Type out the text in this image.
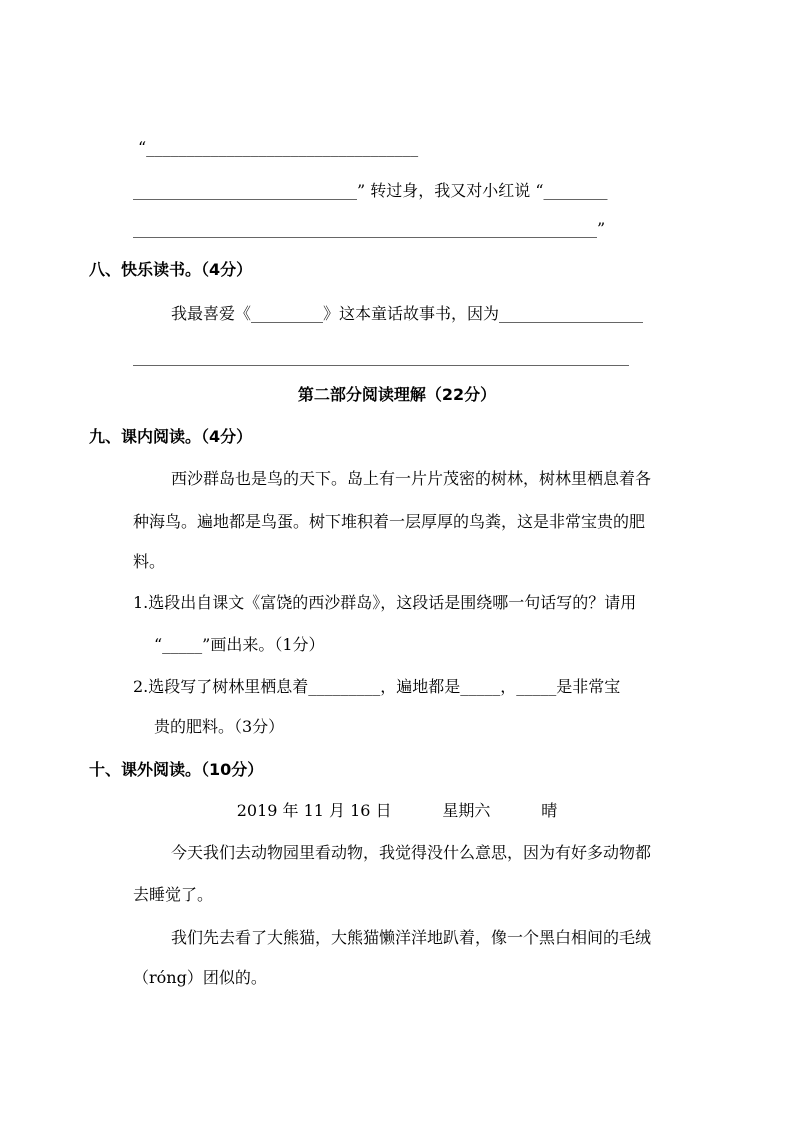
“__________________________________
____________________________” 转过身，我又对小红说 “________
__________________________________________________________”
八、快乐读书。（4分）
我最喜爱《_________》这本童话故事书，因为__________________
______________________________________________________________
第二部分阅读理解（22分）
九、课内阅读。（4分）
西沙群岛也是鸟的天下。岛上有一片片茂密的树林，树林里栖息着各
种海鸟。遍地都是鸟蛋。树下堆积着一层厚厚的鸟粪，这是非常宝贵的肥
料。
1.选段出自课文《富饶的西沙群岛》，这段话是围绕哪一句话写的？请用
“_____”画出来。（1分）
2.选段写了树林里栖息着_________，遍地都是_____，_____是非常宝
贵的肥料。（3分）
十、课外阅读。（10分）
2019 年 11 月 16 日          星期六          晴
今天我们去动物园里看动物，我觉得没什么意思，因为有好多动物都
去睡觉了。
我们先去看了大熊猫，大熊猫懒洋洋地趴着，像一个黑白相间的毛绒
（róng）团似的。
